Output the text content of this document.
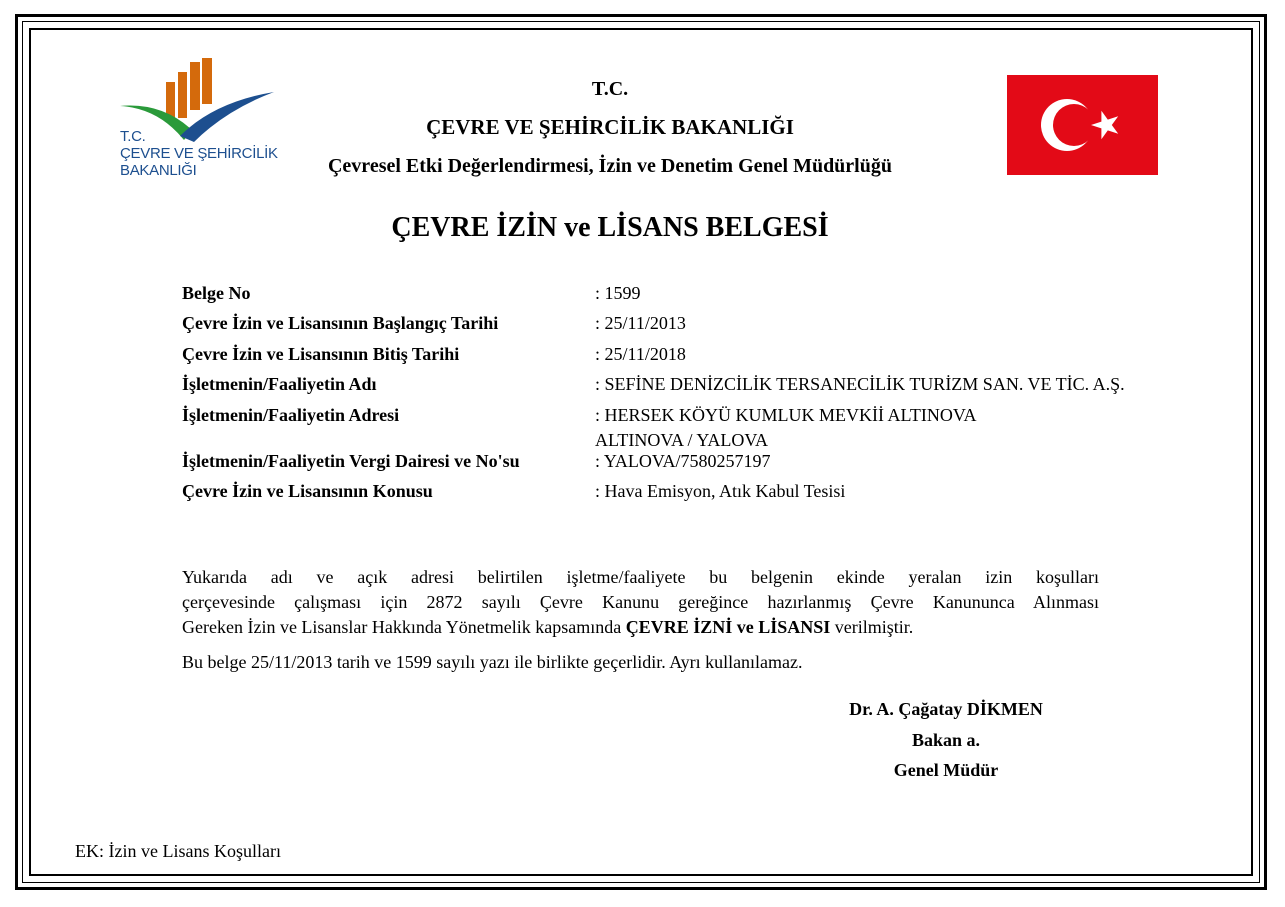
T.C.
ÇEVRE VE ŞEHİRCİLİK
BAKANLIĞI
T.C.
ÇEVRE VE ŞEHİRCİLİK BAKANLIĞI
Çevresel Etki Değerlendirmesi, İzin ve Denetim Genel Müdürlüğü
ÇEVRE İZİN ve LİSANS BELGESİ
Belge No	: 1599
Çevre İzin ve Lisansının Başlangıç Tarihi	: 25/11/2013
Çevre İzin ve Lisansının Bitiş Tarihi	: 25/11/2018
İşletmenin/Faaliyetin Adı	: SEFİNE DENİZCİLİK TERSANECİLİK TURİZM SAN. VE TİC. A.Ş.
İşletmenin/Faaliyetin Adresi	: HERSEK KÖYÜ KUMLUK MEVKİİ ALTINOVA
ALTINOVA / YALOVA
İşletmenin/Faaliyetin Vergi Dairesi ve No'su	: YALOVA/7580257197
Çevre İzin ve Lisansının Konusu	: Hava Emisyon, Atık Kabul Tesisi
Yukarıda adı ve açık adresi belirtilen işletme/faaliyete bu belgenin ekinde yeralan izin koşulları
çerçevesinde çalışması için 2872 sayılı Çevre Kanunu gereğince hazırlanmış Çevre Kanununca Alınması
Gereken İzin ve Lisanslar Hakkında Yönetmelik kapsamında ÇEVRE İZNİ ve LİSANSI verilmiştir.
Bu belge 25/11/2013 tarih ve 1599 sayılı yazı ile birlikte geçerlidir. Ayrı kullanılamaz.
Dr. A. Çağatay DİKMEN
Bakan a.
Genel Müdür
EK: İzin ve Lisans Koşulları
